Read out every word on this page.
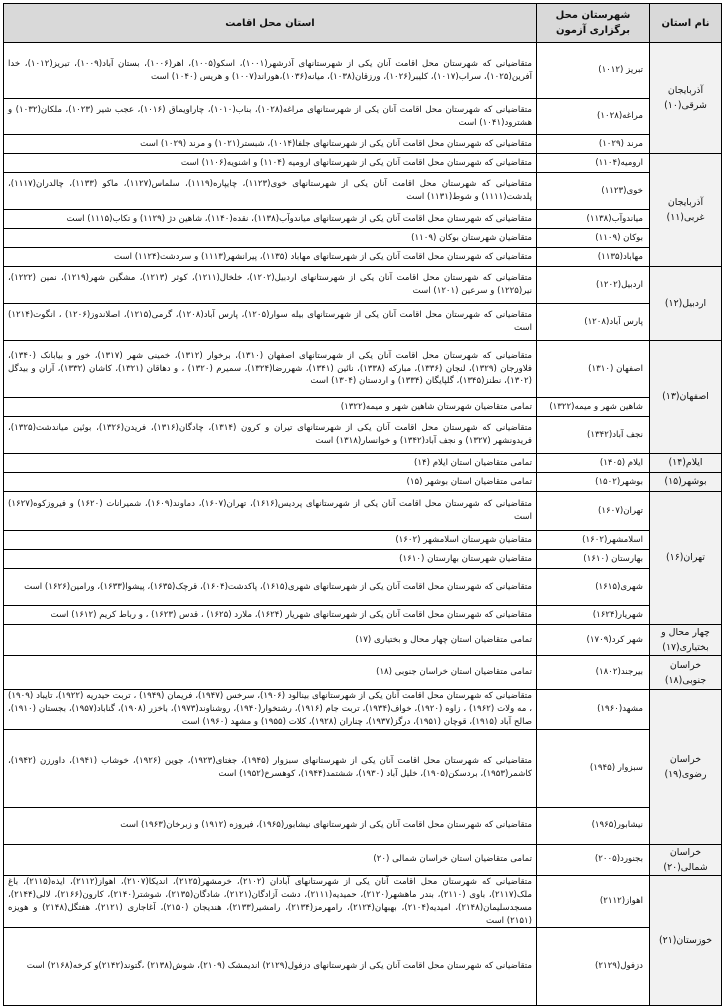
نام استان	شهرستان محل برگزاری آزمون	استان محل اقامت
آذربایجان شرقی(۱۰)	تبریز (۱۰۱۲)	متقاضیانی که شهرستان محل اقامت آنان یکی از شهرستانهای آذرشهر(۱۰۰۱)، اسکو(۱۰۰۵)، اهر(۱۰۰۶)، بستان آباد(۱۰۰۹)، تبریز(۱۰۱۲)، خدا آفرین(۱۰۲۵)، سراب(۱۰۱۷)، کلیبر(۱۰۲۶)، ورزقان(۱۰۳۸)، میانه(۱۰۳۶)،هوراند(۱۰۰۷) و هریس (۱۰۴۰) است
	مراغه(۱۰۲۸)	متقاضیانی که شهرستان محل اقامت آنان یکی از شهرستانهای مراغه(۱۰۲۸)، بناب(۱۰۱۰)، چاراویماق (۱۰۱۶)، عجب شیر (۱۰۲۳)، ملکان(۱۰۳۲) و هشترود(۱۰۴۱) است
	مرند (۱۰۲۹)	متقاضیانی که شهرستان محل اقامت آنان یکی از شهرستانهای جلفا(۱۰۱۴)، شبستر(۱۰۲۱) و مرند (۱۰۲۹) است
آذربایجان غربی(۱۱)	ارومیه(۱۱۰۴)	متقاضیانی که شهرستان محل اقامت آنان یکی از شهرستانهای ارومیه (۱۱۰۴) و اشنویه(۱۱۰۶) است
	خوی(۱۱۲۳)	متقاضیانی که شهرستان محل اقامت آنان یکی از شهرستانهای خوی(۱۱۲۳)، چایپاره(۱۱۱۹)، سلماس(۱۱۲۷)، ماکو (۱۱۳۳)، چالدران(۱۱۱۷)، پلدشت(۱۱۱۱) و شوط(۱۱۳۱) است
	میاندوآب(۱۱۳۸)	متقاضیانی که شهرستان محل اقامت آنان یکی از شهرستانهای میاندوآب(۱۱۳۸)، نقده(۱۱۴۰)، شاهین دژ (۱۱۲۹) و تکاب(۱۱۱۵) است
	بوکان (۱۱۰۹)	متقاضیان شهرستان بوکان (۱۱۰۹)
	مهاباد(۱۱۳۵)	متقاضیانی که شهرستان محل اقامت آنان یکی از شهرستانهای مهاباد (۱۱۳۵)، پیرانشهر(۱۱۱۳) و سردشت(۱۱۲۴) است
اردبیل(۱۲)	اردبیل(۱۲۰۲)	متقاضیانی که شهرستان محل اقامت آنان یکی از شهرستانهای اردبیل(۱۲۰۲)، خلخال(۱۲۱۱)، کوثر (۱۲۱۳)، مشگین شهر(۱۲۱۹)، نمین (۱۲۲۲)، نیر(۱۲۲۵) و سرعین (۱۲۰۱) است
	پارس آباد(۱۲۰۸)	متقاضیانی که شهرستان محل اقامت آنان یکی از شهرستانهای بیله سوار(۱۲۰۵)، پارس آباد(۱۲۰۸)، گرمی(۱۲۱۵)، اصلاندوز(۱۲۰۶) ، انگوت(۱۲۱۴) است
اصفهان(۱۳)	اصفهان (۱۳۱۰)	متقاضیانی که شهرستان محل اقامت آنان یکی از شهرستانهای اصفهان (۱۳۱۰)، برخوار (۱۳۱۲)، خمینی شهر (۱۳۱۷)، خور و بیابانک (۱۳۴۰)، فلاورجان (۱۳۲۹)، لنجان (۱۳۳۶)، مبارکه (۱۳۳۸)، نائین (۱۳۴۱)، شهررضا(۱۳۲۴)، سمیرم (۱۳۲۰) ، و دهاقان (۱۳۲۱)، کاشان (۱۳۳۲)، آران و بیدگل (۱۳۰۲)، نطنز(۱۳۴۵)، گلپایگان (۱۳۳۴) و اردستان (۱۳۰۴) است
	شاهین شهر و میمه(۱۳۲۲)	تمامی متقاضیان شهرستان شاهین شهر و میمه(۱۳۲۲)
	نجف آباد(۱۳۴۲)	متقاضیانی که شهرستان محل اقامت آنان یکی از شهرستانهای تیران و کرون (۱۳۱۴)، چادگان(۱۳۱۶)، فریدن(۱۳۲۶)، بوئین میاندشت(۱۳۲۵)، فریدونشهر (۱۳۲۷) و نجف آباد(۱۳۴۲) و خوانسار(۱۳۱۸) است
ایلام(۱۴)	ایلام (۱۴۰۵)	تمامی متقاضیان استان ایلام (۱۴)
بوشهر(۱۵)	بوشهر(۱۵۰۲)	تمامی متقاضیان استان بوشهر (۱۵)
تهران(۱۶)	تهران(۱۶۰۷)	متقاضیانی که شهرستان محل اقامت آنان یکی از شهرستانهای پردیس(۱۶۱۶)، تهران(۱۶۰۷)، دماوند(۱۶۰۹)، شمیرانات (۱۶۲۰) و فیروزکوه(۱۶۲۷) است
	اسلامشهر(۱۶۰۲)	متقاضیان شهرستان اسلامشهر (۱۶۰۲)
	بهارستان (۱۶۱۰)	متقاضیان شهرستان بهارستان (۱۶۱۰)
	شهری(۱۶۱۵)	متقاضیانی که شهرستان محل اقامت آنان یکی از شهرستانهای شهری(۱۶۱۵)، پاکدشت(۱۶۰۴)، قرچک(۱۶۳۵)، پیشوا(۱۶۳۳)، ورامین(۱۶۲۶) است
	شهریار(۱۶۲۴)	متقاضیانی که شهرستان محل اقامت آنان یکی از شهرستانهای شهریار (۱۶۲۴)، ملارد (۱۶۲۵) ، قدس (۱۶۲۳) ، و رباط کریم (۱۶۱۲) است
چهار محال و بختیاری(۱۷)	شهر کرد(۱۷۰۹)	تمامی متقاضیان استان چهار محال و بختیاری (۱۷)
خراسان جنوبی(۱۸)	بیرجند(۱۸۰۲)	تمامی متقاضیان استان خراسان جنوبی (۱۸)
خراسان رضوی(۱۹)	مشهد(۱۹۶۰)	متقاضیانی که شهرستان محل اقامت آنان یکی از شهرستانهای بینالود (۱۹۰۶)، سرخس (۱۹۴۷)، فریمان (۱۹۴۹) ، تربت حیدریه (۱۹۲۲)، تایباد (۱۹۰۹) ، مه ولات (۱۹۶۲) ، زاوه (۱۹۲۰)، خواف(۱۹۳۴)، تربت جام (۱۹۱۶)، رشتخوار(۱۹۴۰)، روشناوند(۱۹۷۳)، باخزر (۱۹۰۸)، گناباد(۱۹۵۷)، بجستان (۱۹۱۰)، صالح آباد (۱۹۱۵)، قوچان (۱۹۵۱)، درگز(۱۹۳۷)، چناران (۱۹۲۸)، کلات (۱۹۵۵) و مشهد (۱۹۶۰) است
	سبزوار (۱۹۴۵)	متقاضیانی که شهرستان محل اقامت آنان یکی از شهرستانهای سبزوار (۱۹۴۵)، جغتای(۱۹۲۳)، جوین (۱۹۲۶)، خوشاب (۱۹۴۱)، داورزن (۱۹۴۲)، کاشمر(۱۹۵۳)، بردسکن(۱۹۰۵)، خلیل آباد (۱۹۳۰)، ششتمد(۱۹۴۴)، کوهسرخ(۱۹۵۲) است
	نیشابور(۱۹۶۵)	متقاضیانی که شهرستان محل اقامت آنان یکی از شهرستانهای نیشابور(۱۹۶۵)، فیروزه (۱۹۱۲) و زبرخان(۱۹۶۳) است
خراسان شمالی(۲۰)	بجنورد(۲۰۰۵)	تمامی متقاضیان استان خراسان شمالی (۲۰)
خوزستان(۲۱)	اهواز(۲۱۱۲)	متقاضیانی که شهرستان محل اقامت آنان یکی از شهرستانهای آبادان (۲۱۰۲)، خرمشهر(۲۱۲۵)، اندیکا(۲۱۰۷)، اهواز(۲۱۱۲)، ایذه(۲۱۱۵)، باغ ملک(۲۱۱۷)، باوی (۲۱۱۰)، بندر ماهشهر(۲۱۲۰)، حمیدیه(۲۱۱۱)، دشت آزادگان(۲۱۲۱)، شادگان(۲۱۳۵)، شوشتر(۲۱۴۰)، کارون(۲۱۶۶)، لالی(۲۱۴۴)، مسجدسلیمان(۲۱۴۸)، امیدیه(۲۱۰۴)، بهبهان(۲۱۲۴)، رامهرمز(۲۱۳۴)، رامشیر(۲۱۳۳)، هندیجان (۲۱۵۰)، آغاجاری (۲۱۲۱)، هفتگل(۲۱۴۸) و هویزه (۲۱۵۱) است
	دزفول(۲۱۲۹)	متقاضیانی که شهرستان محل اقامت آنان یکی از شهرستانهای دزفول(۲۱۲۹) اندیمشک (۲۱۰۹)، شوش(۲۱۳۸) ،گتوند(۲۱۴۲)و کرخه(۲۱۶۸) است
